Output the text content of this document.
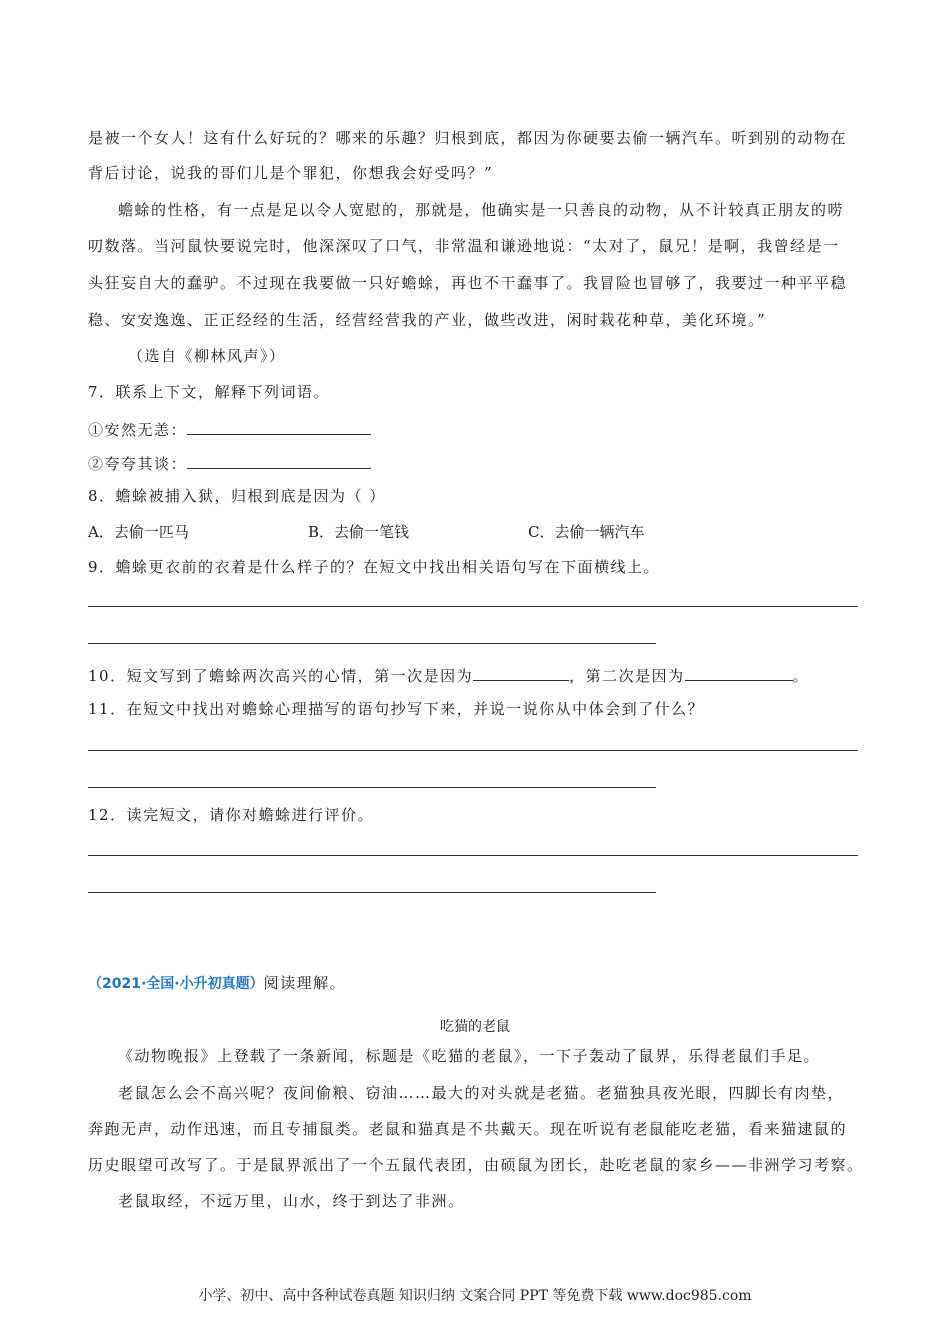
是被一个女人！这有什么好玩的？哪来的乐趣？归根到底，都因为你硬要去偷一辆汽车。听到别的动物在
背后讨论，说我的哥们儿是个罪犯，你想我会好受吗？”
蟾蜍的性格，有一点是足以令人宽慰的，那就是，他确实是一只善良的动物，从不计较真正朋友的唠
叨数落。当河鼠快要说完时，他深深叹了口气，非常温和谦逊地说：“太对了，鼠兄！是啊，我曾经是一
头狂妄自大的蠢驴。不过现在我要做一只好蟾蜍，再也不干蠢事了。我冒险也冒够了，我要过一种平平稳
稳、安安逸逸、正正经经的生活，经营经营我的产业，做些改进，闲时栽花种草，美化环境。”
（选自《柳林风声》）
7．联系上下文，解释下列词语。
①安然无恙：
②夸夸其谈：
8．蟾蜍被捕入狱，归根到底是因为（ ）
A．去偷一匹马	B．去偷一笔钱	C．去偷一辆汽车
9．蟾蜍更衣前的衣着是什么样子的？在短文中找出相关语句写在下面横线上。
10．短文写到了蟾蜍两次高兴的心情，第一次是因为	，第二次是因为	。
11．在短文中找出对蟾蜍心理描写的语句抄写下来，并说一说你从中体会到了什么？
12．读完短文，请你对蟾蜍进行评价。
（2021·全国·小升初真题）阅读理解。
吃猫的老鼠
《动物晚报》上登载了一条新闻，标题是《吃猫的老鼠》，一下子轰动了鼠界，乐得老鼠们手足。
老鼠怎么会不高兴呢？夜间偷粮、窃油……最大的对头就是老猫。老猫独具夜光眼，四脚长有肉垫，
奔跑无声，动作迅速，而且专捕鼠类。老鼠和猫真是不共戴天。现在听说有老鼠能吃老猫，看来猫逮鼠的
历史眼望可改写了。于是鼠界派出了一个五鼠代表团，由硕鼠为团长，赴吃老鼠的家乡——非洲学习考察。
老鼠取经，不远万里，山水，终于到达了非洲。
小学、初中、高中各种试卷真题 知识归纳 文案合同 PPT 等免费下载 www.doc985.com
